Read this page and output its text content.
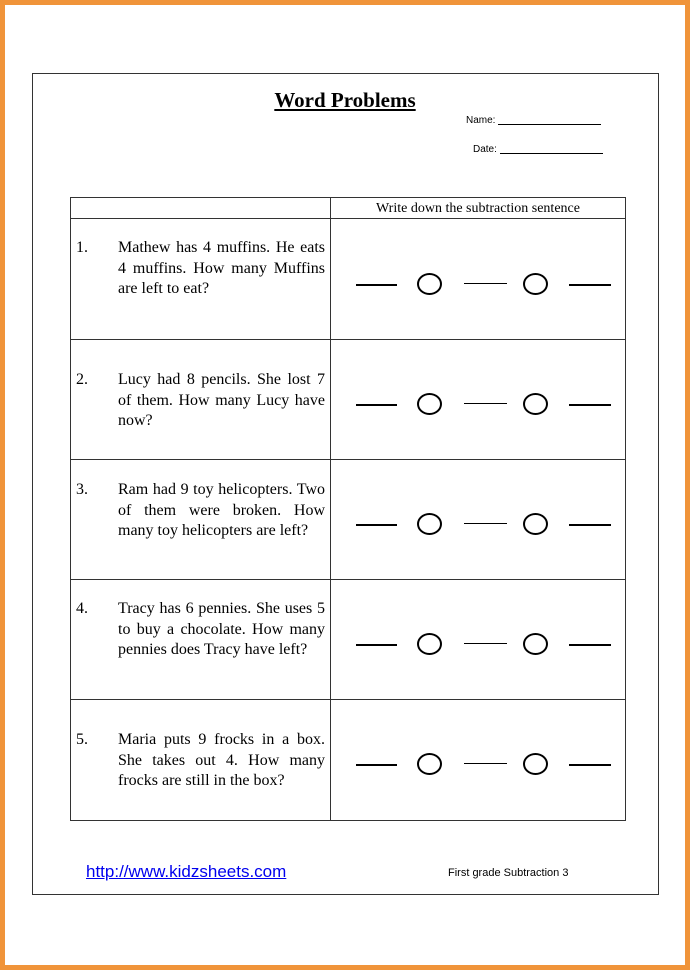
Word Problems
Name:
Date:
Write down the subtraction sentence
1. Mathew has 4 muffins. He eats 4 muffins. How many Muffins are left to eat?
2. Lucy had 8 pencils. She lost 7 of them. How many Lucy have now?
3. Ram had 9 toy helicopters. Two of them were broken. How many toy helicopters are left?
4. Tracy has 6 pennies. She uses 5 to buy a chocolate. How many pennies does Tracy have left?
5. Maria puts 9 frocks in a box. She takes out 4. How many frocks are still in the box?
http://www.kidzsheets.com	First grade Subtraction 3
